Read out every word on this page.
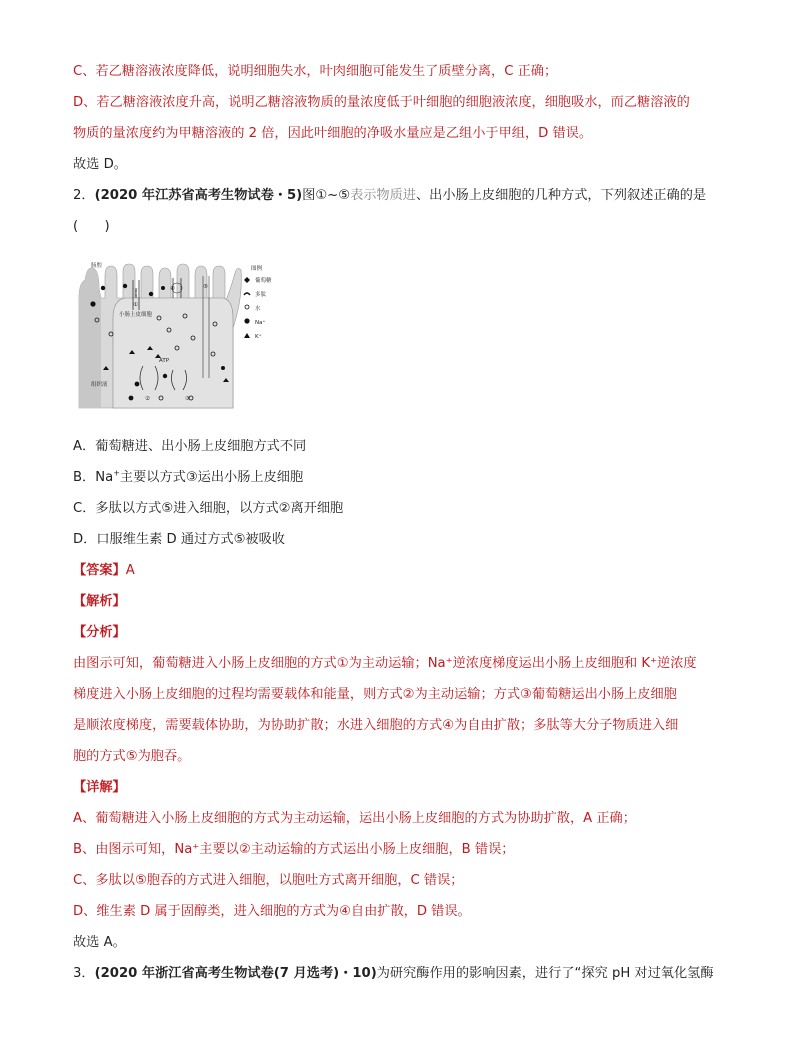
C、若乙糖溶液浓度降低，说明细胞失水，叶肉细胞可能发生了质壁分离，C 正确；
D、若乙糖溶液浓度升高，说明乙糖溶液物质的量浓度低于叶细胞的细胞液浓度，细胞吸水，而乙糖溶液的
物质的量浓度约为甲糖溶液的 2 倍，因此叶细胞的净吸水量应是乙组小于甲组，D 错误。
故选 D。
2．(2020 年江苏省高考生物试卷・5)图①~⑤表示物质进、出小肠上皮细胞的几种方式，下列叙述正确的是
(　　)
肠腔
小肠上皮细胞
组织液
ATP
①
②	③
④	⑤
图例
葡萄糖
多肽
水
Na⁺
K⁺
A．葡萄糖进、出小肠上皮细胞方式不同
B．Na+主要以方式③运出小肠上皮细胞
C．多肽以方式⑤进入细胞，以方式②离开细胞
D．口服维生素 D 通过方式⑤被吸收
【答案】A
【解析】
【分析】
由图示可知，葡萄糖进入小肠上皮细胞的方式①为主动运输；Na⁺逆浓度梯度运出小肠上皮细胞和 K⁺逆浓度
梯度进入小肠上皮细胞的过程均需要载体和能量，则方式②为主动运输；方式③葡萄糖运出小肠上皮细胞
是顺浓度梯度，需要载体协助，为协助扩散；水进入细胞的方式④为自由扩散；多肽等大分子物质进入细
胞的方式⑤为胞吞。
【详解】
A、葡萄糖进入小肠上皮细胞的方式为主动运输，运出小肠上皮细胞的方式为协助扩散，A 正确；
B、由图示可知，Na⁺主要以②主动运输的方式运出小肠上皮细胞，B 错误；
C、多肽以⑤胞吞的方式进入细胞，以胞吐方式离开细胞，C 错误；
D、维生素 D 属于固醇类，进入细胞的方式为④自由扩散，D 错误。
故选 A。
3．(2020 年浙江省高考生物试卷(7 月选考)・10)为研究酶作用的影响因素，进行了“探究 pH 对过氧化氢酶
